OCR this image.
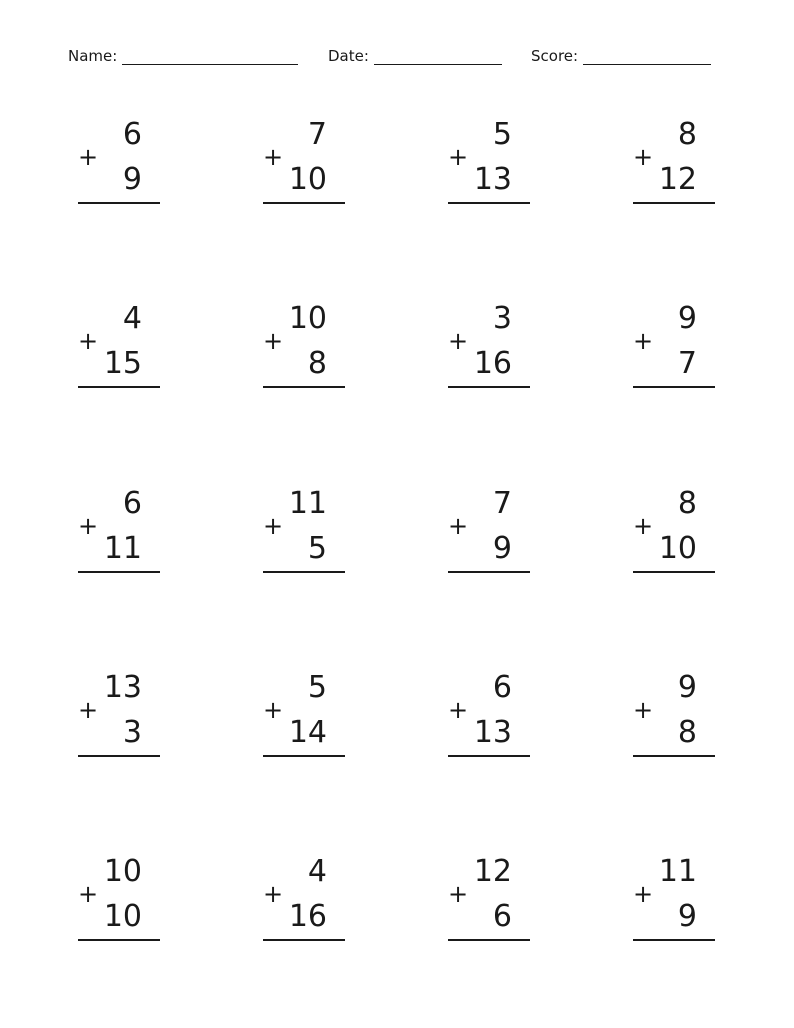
Name:	Date:	Score:
6
+
9
7
+
10
5
+
13
8
+
12
4
+
15
10
+
8
3
+
16
9
+
7
6
+
11
11
+
5
7
+
9
8
+
10
13
+
3
5
+
14
6
+
13
9
+
8
10
+
10
4
+
16
12
+
6
11
+
9
